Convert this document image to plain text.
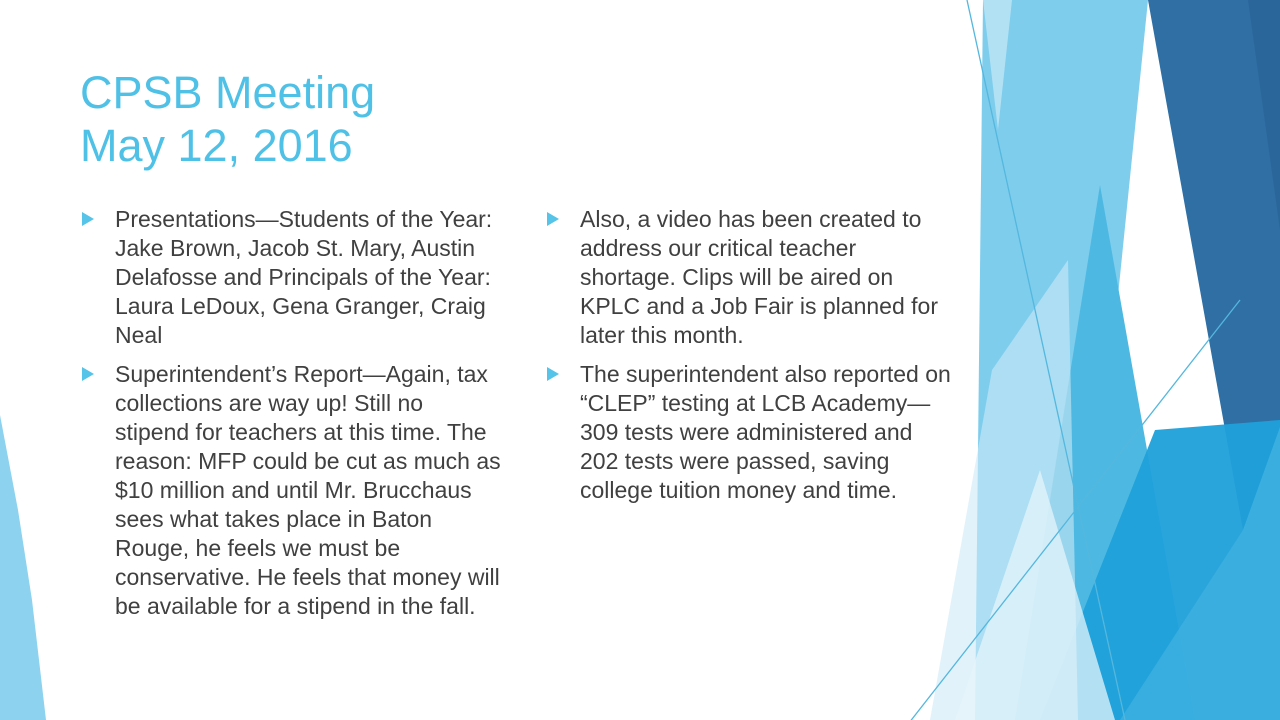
CPSB Meeting
May 12, 2016
Presentations—Students of the Year: Jake Brown, Jacob St. Mary, Austin Delafosse and Principals of the Year: Laura LeDoux, Gena Granger, Craig Neal
Superintendent’s Report—Again, tax collections are way up! Still no stipend for teachers at this time. The reason: MFP could be cut as much as $10 million and until Mr. Brucchaus sees what takes place in Baton Rouge, he feels we must be conservative. He feels that money will be available for a stipend in the fall.
Also, a video has been created to address our critical teacher shortage. Clips will be aired on KPLC and a Job Fair is planned for later this month.
The superintendent also reported on “CLEP” testing at LCB Academy—309 tests were administered and 202 tests were passed, saving college tuition money and time.
